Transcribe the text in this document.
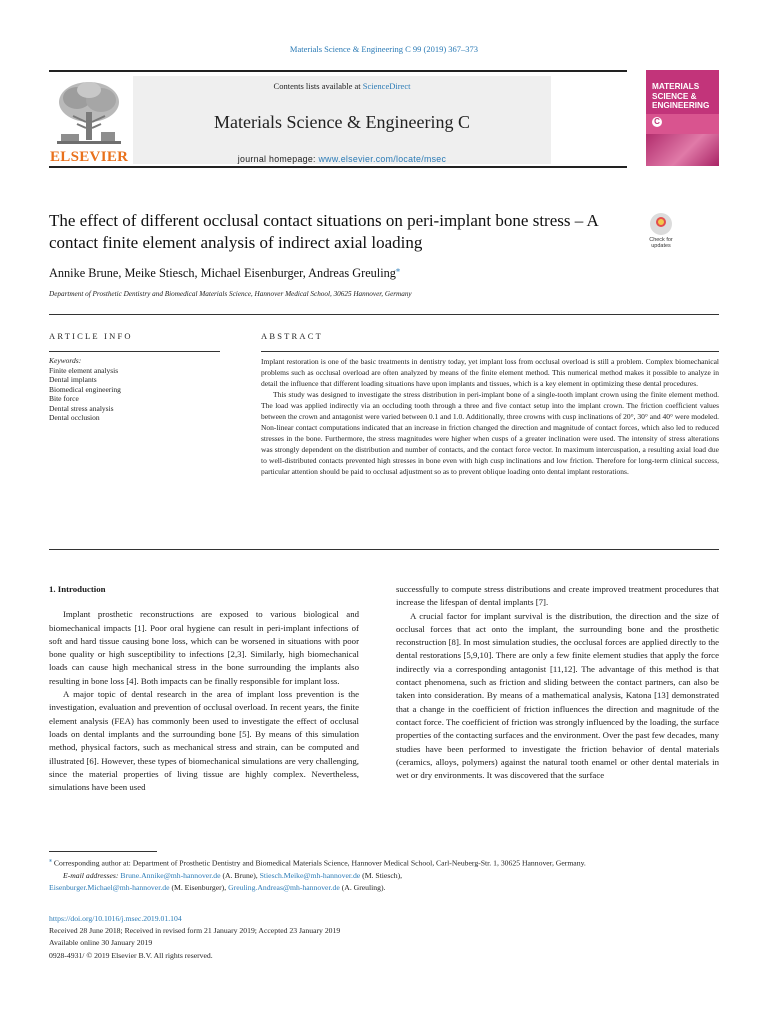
Materials Science & Engineering C 99 (2019) 367–373
ELSEVIER
Contents lists available at ScienceDirect
Materials Science & Engineering C
journal homepage: www.elsevier.com/locate/msec
MATERIALS SCIENCE & ENGINEERING
C
The effect of different occlusal contact situations on peri-implant bone stress – A contact finite element analysis of indirect axial loading	Check for updates
Annike Brune, Meike Stiesch, Michael Eisenburger, Andreas Greuling⁎
Department of Prosthetic Dentistry and Biomedical Materials Science, Hannover Medical School, 30625 Hannover, Germany
ARTICLE INFO	ABSTRACT
Keywords:
Finite element analysis
Dental implants
Biomedical engineering
Bite force
Dental stress analysis
Dental occlusion

Implant restoration is one of the basic treatments in dentistry today, yet implant loss from occlusal overload is still a problem. Complex biomechanical problems such as occlusal overload are often analyzed by means of the finite element method. This numerical method makes it possible to analyze in detail the influence that different loading situations have upon implants and tissues, which is a key element in optimizing these dental procedures.

This study was designed to investigate the stress distribution in peri-implant bone of a single-tooth implant crown using the finite element method. The load was applied indirectly via an occluding tooth through a three and five contact setup into the implant crown. The friction coefficient values between the crown and antagonist were varied between 0.1 and 1.0. Additionally, three crowns with cusp inclinations of 20°, 30° and 40° were modeled. Non-linear contact computations indicated that an increase in friction changed the direction and magnitude of contact forces, which also led to reduced stresses in the bone. Furthermore, the stress magnitudes were higher when cusps of a greater inclination were used. The intensity of stress alterations was strongly dependent on the distribution and number of contacts, and the contact force vector. In maximum intercuspation, a resulting axial load due to well-distributed contacts prevented high stresses in bone even with high cusp inclinations and low friction. Therefore for long-term clinical success, particular attention should be paid to occlusal adjustment so as to prevent oblique loading onto dental implant restorations.

1. Introduction

Implant prosthetic reconstructions are exposed to various biological and biomechanical impacts [1]. Poor oral hygiene can result in peri-implant infections of soft and hard tissue causing bone loss, which can be worsened in situations with poor bone quality or high susceptibility to infections [2,3]. Similarly, high biomechanical loads can cause high mechanical stress in the bone surrounding the implants also resulting in bone loss [4]. Both impacts can be finally responsible for implant loss.

A major topic of dental research in the area of implant loss prevention is the investigation, evaluation and prevention of occlusal overload. In recent years, the finite element analysis (FEA) has commonly been used to investigate the effect of occlusal loads on dental implants and the surrounding bone [5]. By means of this simulation method, physical factors, such as mechanical stress and strain, can be computed and illustrated [6]. However, these types of biomechanical simulations are very challenging, since the material properties of living tissue are highly complex. Nevertheless, simulations have been used

successfully to compute stress distributions and create improved treatment procedures that increase the lifespan of dental implants [7].

A crucial factor for implant survival is the distribution, the direction and the size of occlusal forces that act onto the implant, the surrounding bone and the prosthetic reconstruction [8]. In most simulation studies, the occlusal forces are applied directly to the dental restorations [5,9,10]. There are only a few finite element studies that apply the force indirectly via a corresponding antagonist [11,12]. The advantage of this method is that contact phenomena, such as friction and sliding between the contact partners, can also be taken into consideration. By means of a mathematical analysis, Katona [13] demonstrated that a change in the coefficient of friction influences the direction and magnitude of the contact force. The coefficient of friction was strongly influenced by the loading, the surface properties of the contacting surfaces and the environment. Over the past few decades, many studies have been performed to investigate the friction behavior of dental materials (ceramics, alloys, polymers) against the natural tooth enamel or other dental materials in wet or dry environments. It was discovered that the surface

⁎ Corresponding author at: Department of Prosthetic Dentistry and Biomedical Materials Science, Hannover Medical School, Carl-Neuberg-Str. 1, 30625 Hannover, Germany.
E-mail addresses: Brune.Annike@mh-hannover.de (A. Brune), Stiesch.Meike@mh-hannover.de (M. Stiesch),
Eisenburger.Michael@mh-hannover.de (M. Eisenburger), Greuling.Andreas@mh-hannover.de (A. Greuling).
https://doi.org/10.1016/j.msec.2019.01.104
Received 28 June 2018; Received in revised form 21 January 2019; Accepted 23 January 2019
Available online 30 January 2019
0928-4931/ © 2019 Elsevier B.V. All rights reserved.
